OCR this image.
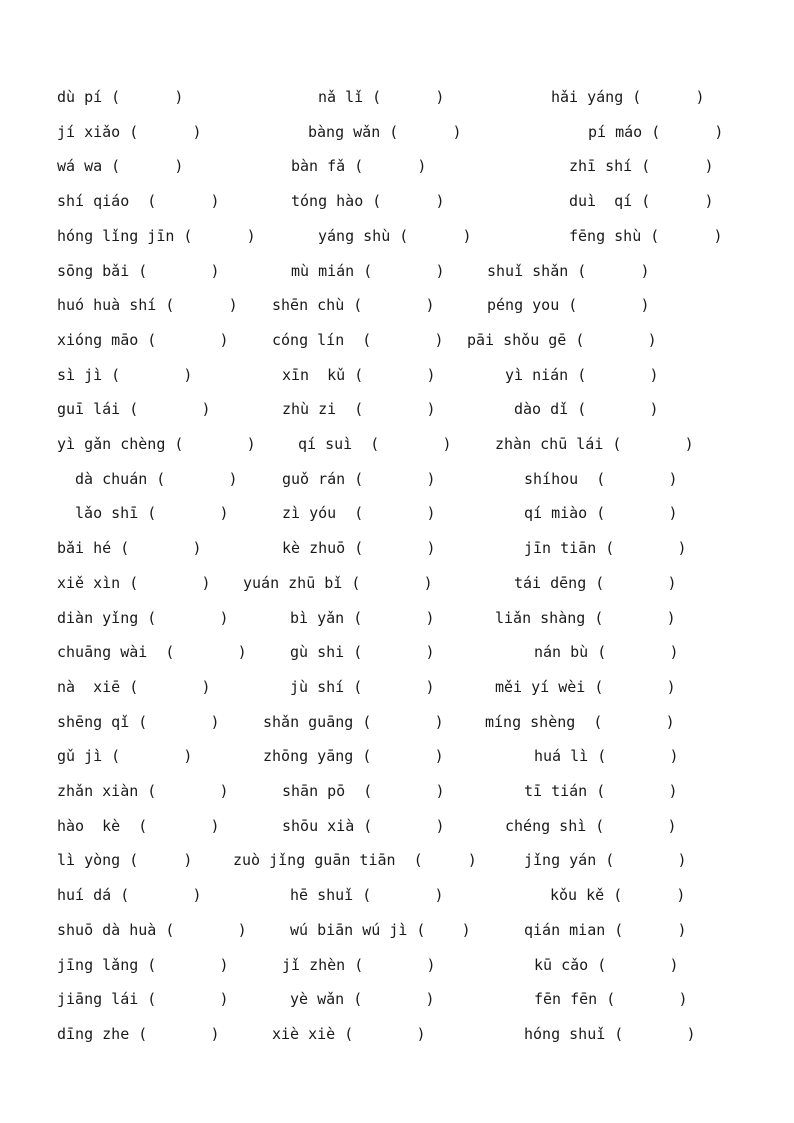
dù pí (      )	nǎ lǐ (      )	hǎi yáng (      )
jí xiǎo (      )	bàng wǎn (      )	pí máo (      )
wá wa (      )	bàn fǎ (      )	zhī shí (      )
shí qiáo  (      )	tóng hào (      )	duì  qí (      )
hóng lǐng jīn (      )	yáng shù (      )	fēng shù (      )
sōng bǎi (       )	mù mián (       )	shuǐ shǎn (      )
huó huà shí (      ) shēn chù (       )	péng you (       )
xióng māo (       )	cóng lín  (       ) pāi shǒu gē (       )
sì jì (       )	xīn  kǔ (       )	yì nián (       )
guī lái (       )	zhù zi  (       )	dào dǐ (       )
yì gǎn chèng (       )	qí suì  (       )	zhàn chū lái (       )
dà chuán (       )	guǒ rán (       )	shíhou  (       )
lǎo shī (       )	zì yóu  (       )	qí miào (       )
bǎi hé (       )	kè zhuō (       )	jīn tiān (       )
xiě xìn (       ) yuán zhū bǐ (       )	tái dēng (       )
diàn yǐng (       )	bì yǎn (       )	liǎn shàng (       )
chuāng wài  (       )	gù shi (       )	nán bù (       )
nà  xiē (       )	jù shí (       )	měi yí wèi (       )
shēng qǐ (       )	shǎn guāng (       )	míng shèng  (       )
gǔ jì (       )	zhōng yāng (       )	huá lì (       )
zhǎn xiàn (       )	shān pō  (       )	tī tián (       )
hào  kè  (       )	shōu xià (       )	chéng shì (       )
lì yòng (     )	zuò jǐng guān tiān  (     )	jǐng yán (       )
huí dá (       )	hē shuǐ (       )	kǒu kě (      )
shuō dà huà (       )	wú biān wú jì (    )	qián mian (      )
jīng lǎng (       )	jǐ zhèn (       )	kū cǎo (       )
jiāng lái (       )	yè wǎn (       )	fēn fēn (       )
dīng zhe (       )	xiè xiè (       )	hóng shuǐ (       )
